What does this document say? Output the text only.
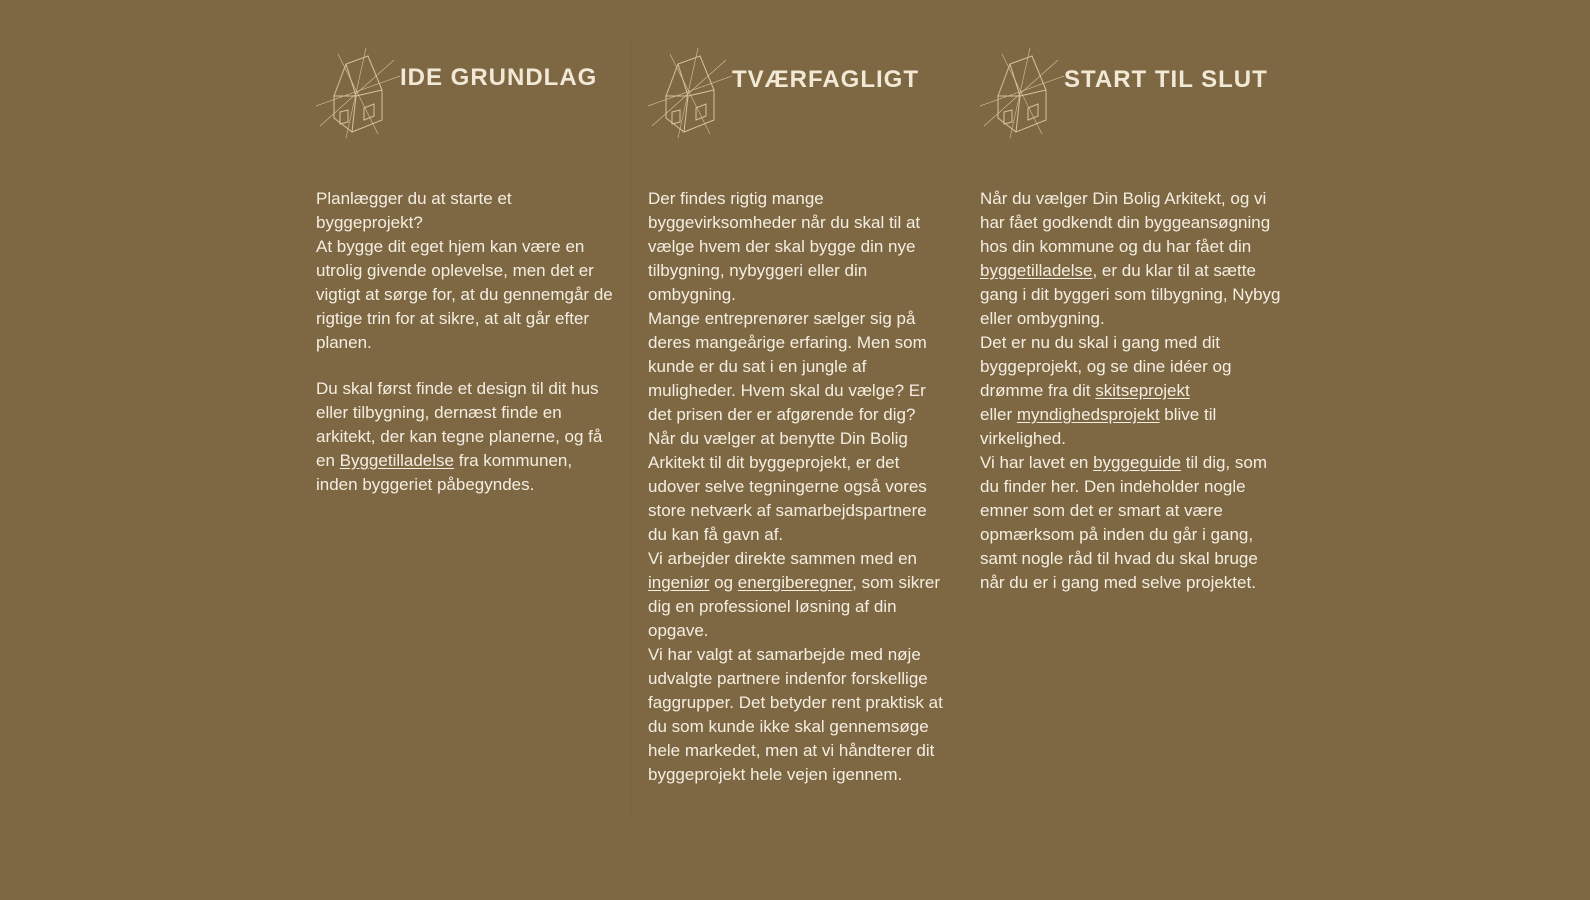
IDE GRUNDLAG

Planlægger du at starte et byggeprojekt?

At bygge dit eget hjem kan være en utrolig givende oplevelse, men det er vigtigt at sørge for, at du gennemgår de rigtige trin for at sikre, at alt går efter planen.

Du skal først finde et design til dit hus eller tilbygning, dernæst finde en arkitekt, der kan tegne planerne, og få en Byggetilladelse fra kommunen, inden byggeriet påbegyndes.

TVÆRFAGLIGT

Der findes rigtig mange byggevirksomheder når du skal til at vælge hvem der skal bygge din nye tilbygning, nybyggeri eller din ombygning.

Mange entreprenører sælger sig på deres mangeårige erfaring. Men som kunde er du sat i en jungle af muligheder. Hvem skal du vælge? Er det prisen der er afgørende for dig?

Når du vælger at benytte Din Bolig Arkitekt til dit byggeprojekt, er det udover selve tegningerne også vores store netværk af samarbejdspartnere du kan få gavn af.

Vi arbejder direkte sammen med en ingeniør og energiberegner, som sikrer dig en professionel løsning af din opgave.

Vi har valgt at samarbejde med nøje udvalgte partnere indenfor forskellige faggrupper. Det betyder rent praktisk at du som kunde ikke skal gennemsøge hele markedet, men at vi håndterer dit byggeprojekt hele vejen igennem.

START TIL SLUT

Når du vælger Din Bolig Arkitekt, og vi har fået godkendt din byggeansøgning hos din kommune og du har fået din byggetilladelse, er du klar til at sætte gang i dit byggeri som tilbygning, Nybyg eller ombygning.

Det er nu du skal i gang med dit byggeprojekt, og se dine idéer og drømme fra dit skitseprojekt
eller myndighedsprojekt blive til virkelighed.

Vi har lavet en byggeguide til dig, som du finder her. Den indeholder nogle emner som det er smart at være opmærksom på inden du går i gang, samt nogle råd til hvad du skal bruge når du er i gang med selve projektet.
